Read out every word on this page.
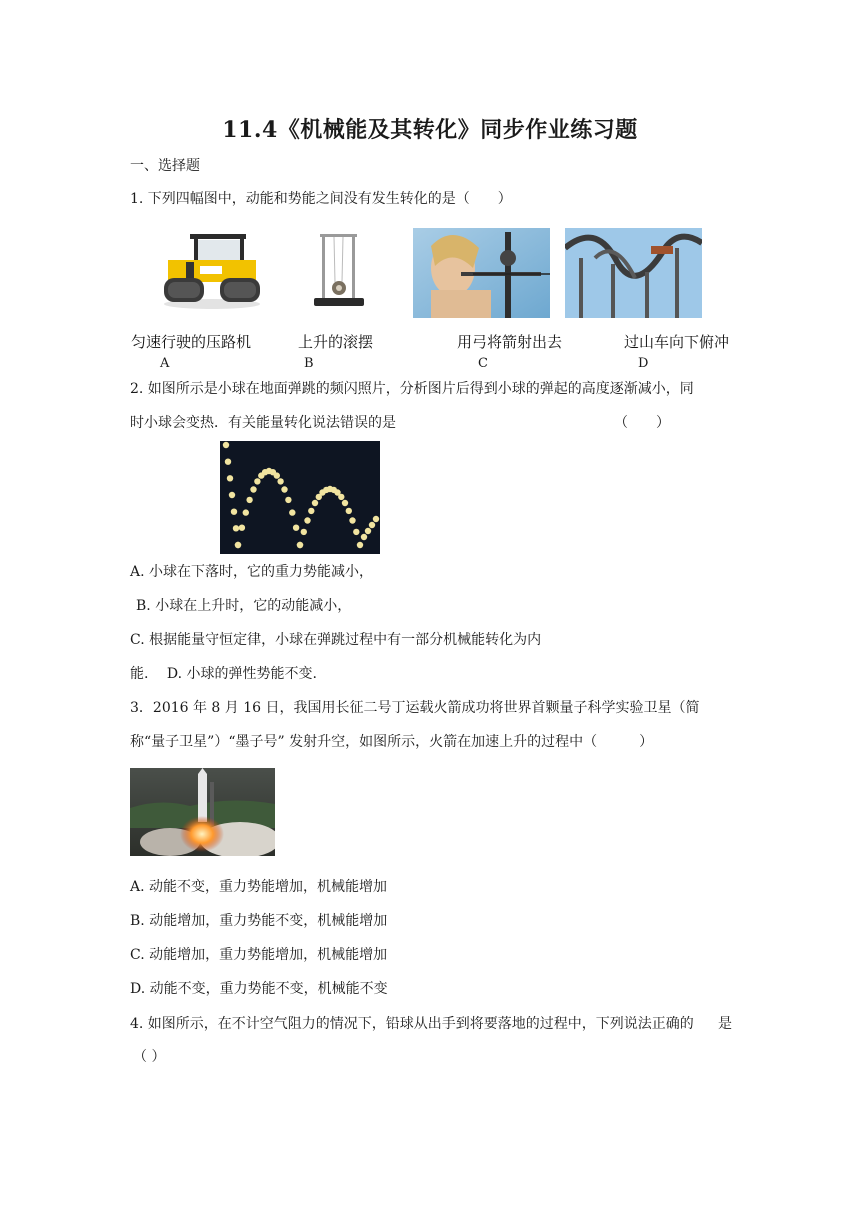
11.4《机械能及其转化》同步作业练习题
一、选择题
1. 下列四幅图中，动能和势能之间没有发生转化的是（　　）
匀速行驶的压路机	上升的滚摆	用弓将箭射出去	过山车向下俯冲
A	B	C	D
2. 如图所示是小球在地面弹跳的频闪照片，分析图片后得到小球的弹起的高度逐渐减小，同
时小球会变热．有关能量转化说法错误的是	（　　）
A. 小球在下落时，它的重力势能减小，
B. 小球在上升时，它的动能减小，
C. 根据能量守恒定律，小球在弹跳过程中有一部分机械能转化为内
能.　 D. 小球的弹性势能不变.
3．2016 年 8 月 16 日，我国用长征二号丁运载火箭成功将世界首颗量子科学实验卫星（简
称“量子卫星”）“墨子号” 发射升空，如图所示，火箭在加速上升的过程中（　　　）
A. 动能不变，重力势能增加，机械能增加
B. 动能增加，重力势能不变，机械能增加
C. 动能增加，重力势能增加，机械能增加
D. 动能不变，重力势能不变，机械能不变
4. 如图所示，在不计空气阻力的情况下，铅球从出手到将要落地的过程中，下列说法正确的 是
（ ）
